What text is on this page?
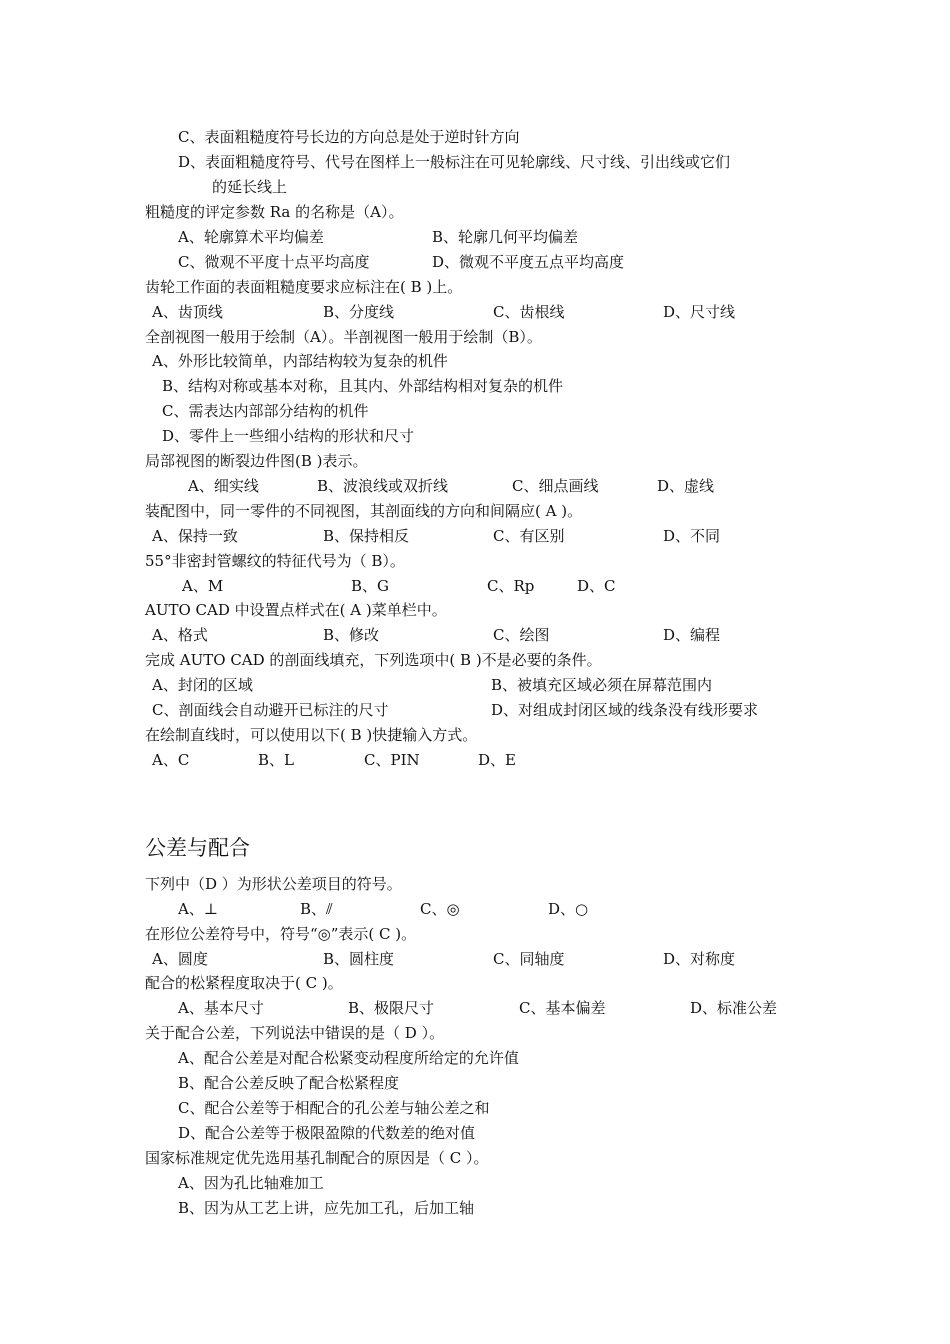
C、表面粗糙度符号长边的方向总是处于逆时针方向
D、表面粗糙度符号、代号在图样上一般标注在可见轮廓线、尺寸线、引出线或它们
的延长线上
粗糙度的评定参数 Ra 的名称是（A）。
A、轮廓算术平均偏差	B、轮廓几何平均偏差
C、微观不平度十点平均高度	D、微观不平度五点平均高度
齿轮工作面的表面粗糙度要求应标注在( B )上。
A、齿顶线	B、分度线	C、齿根线	D、尺寸线
全剖视图一般用于绘制（A）。半剖视图一般用于绘制（B）。
A、外形比较简单，内部结构较为复杂的机件
B、结构对称或基本对称，且其内、外部结构相对复杂的机件
C、需表达内部部分结构的机件
D、零件上一些细小结构的形状和尺寸
局部视图的断裂边件图(B )表示。
A、细实线	B、波浪线或双折线	C、细点画线	D、虚线
装配图中，同一零件的不同视图，其剖面线的方向和间隔应( A )。
A、保持一致	B、保持相反	C、有区别	D、不同
55°非密封管螺纹的特征代号为（ B）。
A、M	B、G	C、Rp	D、C
AUTO CAD 中设置点样式在( A )菜单栏中。
A、格式	B、修改	C、绘图	D、编程
完成 AUTO CAD 的剖面线填充，下列选项中( B )不是必要的条件。
A、封闭的区域	B、被填充区域必须在屏幕范围内
C、剖面线会自动避开已标注的尺寸	D、对组成封闭区域的线条没有线形要求
在绘制直线时，可以使用以下( B )快捷输入方式。
A、C	B、L	C、PIN	D、E
公差与配合
下列中（D ）为形状公差项目的符号。
A、⊥	B、⫽	C、◎	D、○
在形位公差符号中，符号“◎”表示( C )。
A、圆度	B、圆柱度	C、同轴度	D、对称度
配合的松紧程度取决于( C )。
A、基本尺寸	B、极限尺寸	C、基本偏差	D、标准公差
关于配合公差，下列说法中错误的是（ D ）。
A、配合公差是对配合松紧变动程度所给定的允许值
B、配合公差反映了配合松紧程度
C、配合公差等于相配合的孔公差与轴公差之和
D、配合公差等于极限盈隙的代数差的绝对值
国家标准规定优先选用基孔制配合的原因是（ C ）。
A、因为孔比轴难加工
B、因为从工艺上讲，应先加工孔，后加工轴
